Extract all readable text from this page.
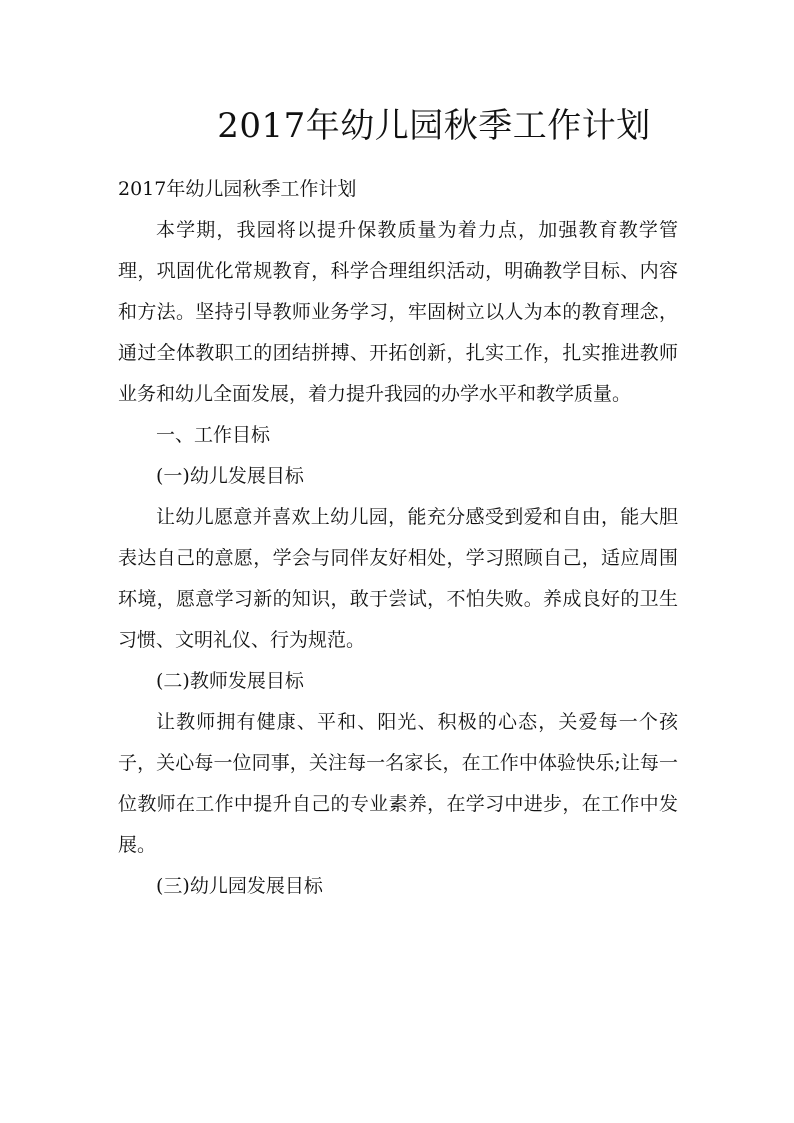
2017年幼儿园秋季工作计划

2017年幼儿园秋季工作计划

本学期，我园将以提升保教质量为着力点，加强教育教学管理，巩固优化常规教育，科学合理组织活动，明确教学目标、内容和方法。坚持引导教师业务学习，牢固树立以人为本的教育理念，通过全体教职工的团结拼搏、开拓创新，扎实工作，扎实推进教师业务和幼儿全面发展，着力提升我园的办学水平和教学质量。

一、工作目标

(一)幼儿发展目标

让幼儿愿意并喜欢上幼儿园，能充分感受到爱和自由，能大胆表达自己的意愿，学会与同伴友好相处，学习照顾自己，适应周围环境，愿意学习新的知识，敢于尝试，不怕失败。养成良好的卫生习惯、文明礼仪、行为规范。

(二)教师发展目标

让教师拥有健康、平和、阳光、积极的心态，关爱每一个孩子，关心每一位同事，关注每一名家长，在工作中体验快乐;让每一位教师在工作中提升自己的专业素养，在学习中进步，在工作中发展。

(三)幼儿园发展目标
